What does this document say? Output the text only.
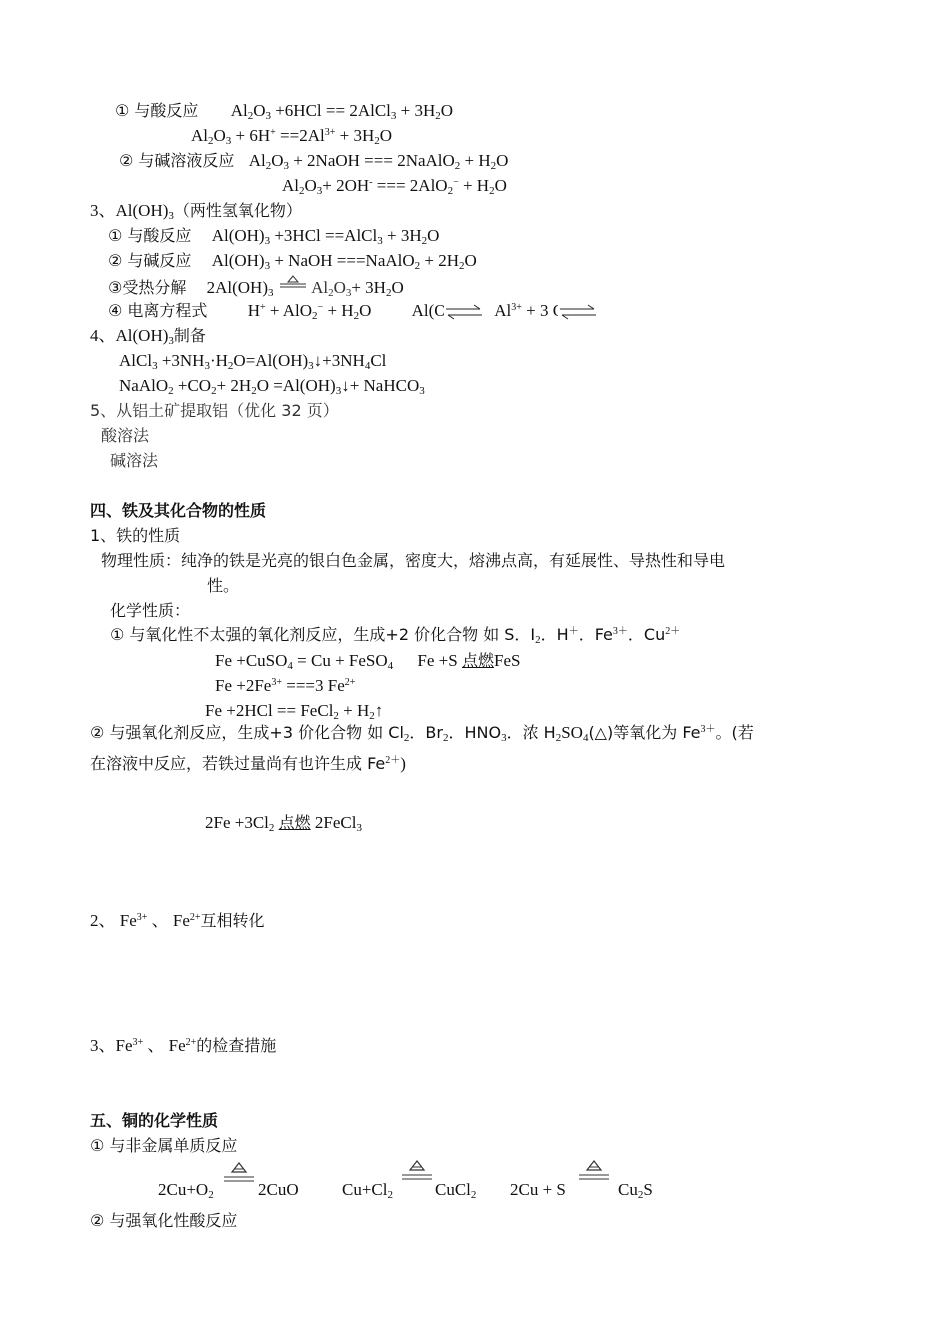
① 与酸反应 $Al_2O_3 +6HCl$ == 2AlCl$_3$ + $3H_2O$
$Al_2O_3 + 6H^+ ==2Al^{3+} + 3H_2O$
② 与碱溶液反应 $Al_2O_3$ + 2NaOH === 2NaAlO$_2$ + $H_2O$
$Al_2O_3+ 2OH^-$ === $2AlO_2^- + H_2O$
3、$Al(OH)_3$（两性氢氧化物）
① 与酸反应 $Al(OH)_3 +3HCl$ ==AlCl$_3$ + $3H_2O$
② 与碱反应 $Al(OH)_3$ + NaOH ===NaAlO$_2$ + $2H_2O$
③受热分解 $2Al(OH)_3$  $Al_2O_3+ 3H_2O$
④ 电离方程式 $H^+ + AlO_2^- + H_2O$ $Al(OH)_3$ $Al^{3+} + 3$ OH−
4、$Al(OH)_3$制备
AlCl$_3$ $+3NH_3\cdot H_2O=Al(OH)_3↓+3NH_4Cl$
NaAlO$_2$ $+CO_2+ 2H_2O$ $=Al(OH)_3↓+$ NaHCO$_3$
5、从铝土矿提取铝（优化 32 页）
酸溶法
碱溶法
四、铁及其化合物的性质
1、铁的性质
物理性质：纯净的铁是光亮的银白色金属，密度大，熔沸点高，有延展性、导热性和导电
性。
化学性质：
① 与氧化性不太强的氧化剂反应，生成+2 价化合物 如 S．$I_2$．H＋．$Fe^{3+}$．$Cu^{2+}$
Fe +CuSO$_4$ = Cu + FeSO$_4$ Fe +S 点燃FeS
$Fe +2Fe^{3+} ===3$ $Fe^{2+}$
Fe +2HCl == FeCl$_2$ + $H_2↑$
② 与强氧化剂反应，生成+3 价化合物 如 $Cl_2$．$Br_2$．$HNO_3$．浓 $H_2SO_4(\triangle)$等氧化为 $Fe^{3+}$。(若
在溶液中反应，若铁过量尚有也许生成 $Fe^{2+}$)
$2Fe +3Cl_2$ 点燃 2FeCl$_3$
2、 $Fe^{3+}$ 、 $Fe^{2+}$互相转化
3、$Fe^{3+}$ 、 $Fe^{2+}$的检查措施
五、铜的化学性质
① 与非金属单质反应
$2Cu+O_2$	2CuO	$Cu+Cl_2$ CuCl$_2$ 2Cu + S	$Cu_2S$
② 与强氧化性酸反应
